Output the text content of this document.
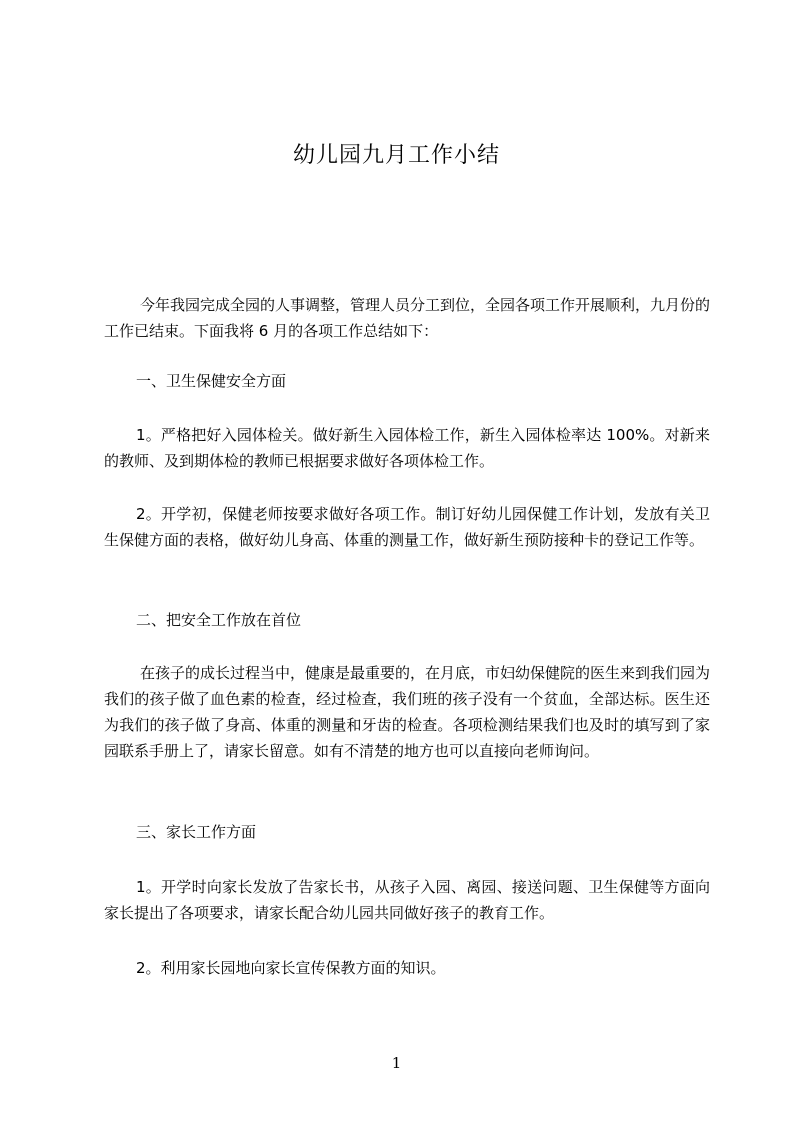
幼儿园九月工作小结
今年我园完成全园的人事调整，管理人员分工到位，全园各项工作开展顺利，九月份的工作已结束。下面我将 6 月的各项工作总结如下：
一、卫生保健安全方面
1。严格把好入园体检关。做好新生入园体检工作，新生入园体检率达 100%。对新来的教师、及到期体检的教师已根据要求做好各项体检工作。
2。开学初，保健老师按要求做好各项工作。制订好幼儿园保健工作计划，发放有关卫生保健方面的表格，做好幼儿身高、体重的测量工作，做好新生预防接种卡的登记工作等。
二、把安全工作放在首位
在孩子的成长过程当中，健康是最重要的，在月底，市妇幼保健院的医生来到我们园为我们的孩子做了血色素的检查，经过检查，我们班的孩子没有一个贫血，全部达标。医生还为我们的孩子做了身高、体重的测量和牙齿的检查。各项检测结果我们也及时的填写到了家园联系手册上了，请家长留意。如有不清楚的地方也可以直接向老师询问。
三、家长工作方面
1。开学时向家长发放了告家长书，从孩子入园、离园、接送问题、卫生保健等方面向家长提出了各项要求，请家长配合幼儿园共同做好孩子的教育工作。
2。利用家长园地向家长宣传保教方面的知识。
1
